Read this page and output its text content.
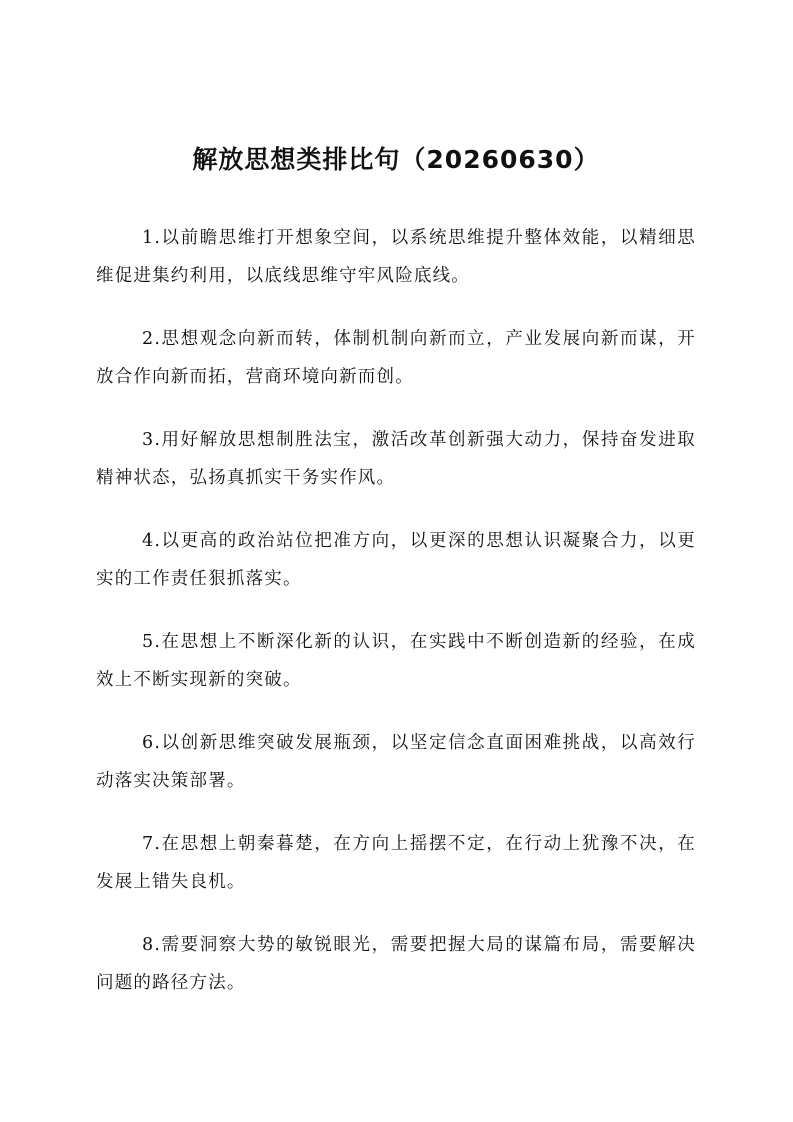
解放思想类排比句（20260630）

1.以前瞻思维打开想象空间，以系统思维提升整体效能，以精细思维促进集约利用，以底线思维守牢风险底线。

2.思想观念向新而转，体制机制向新而立，产业发展向新而谋，开放合作向新而拓，营商环境向新而创。

3.用好解放思想制胜法宝，激活改革创新强大动力，保持奋发进取精神状态，弘扬真抓实干务实作风。

4.以更高的政治站位把准方向，以更深的思想认识凝聚合力，以更实的工作责任狠抓落实。

5.在思想上不断深化新的认识，在实践中不断创造新的经验，在成效上不断实现新的突破。

6.以创新思维突破发展瓶颈，以坚定信念直面困难挑战，以高效行动落实决策部署。

7.在思想上朝秦暮楚，在方向上摇摆不定，在行动上犹豫不决，在发展上错失良机。

8.需要洞察大势的敏锐眼光，需要把握大局的谋篇布局，需要解决问题的路径方法。
